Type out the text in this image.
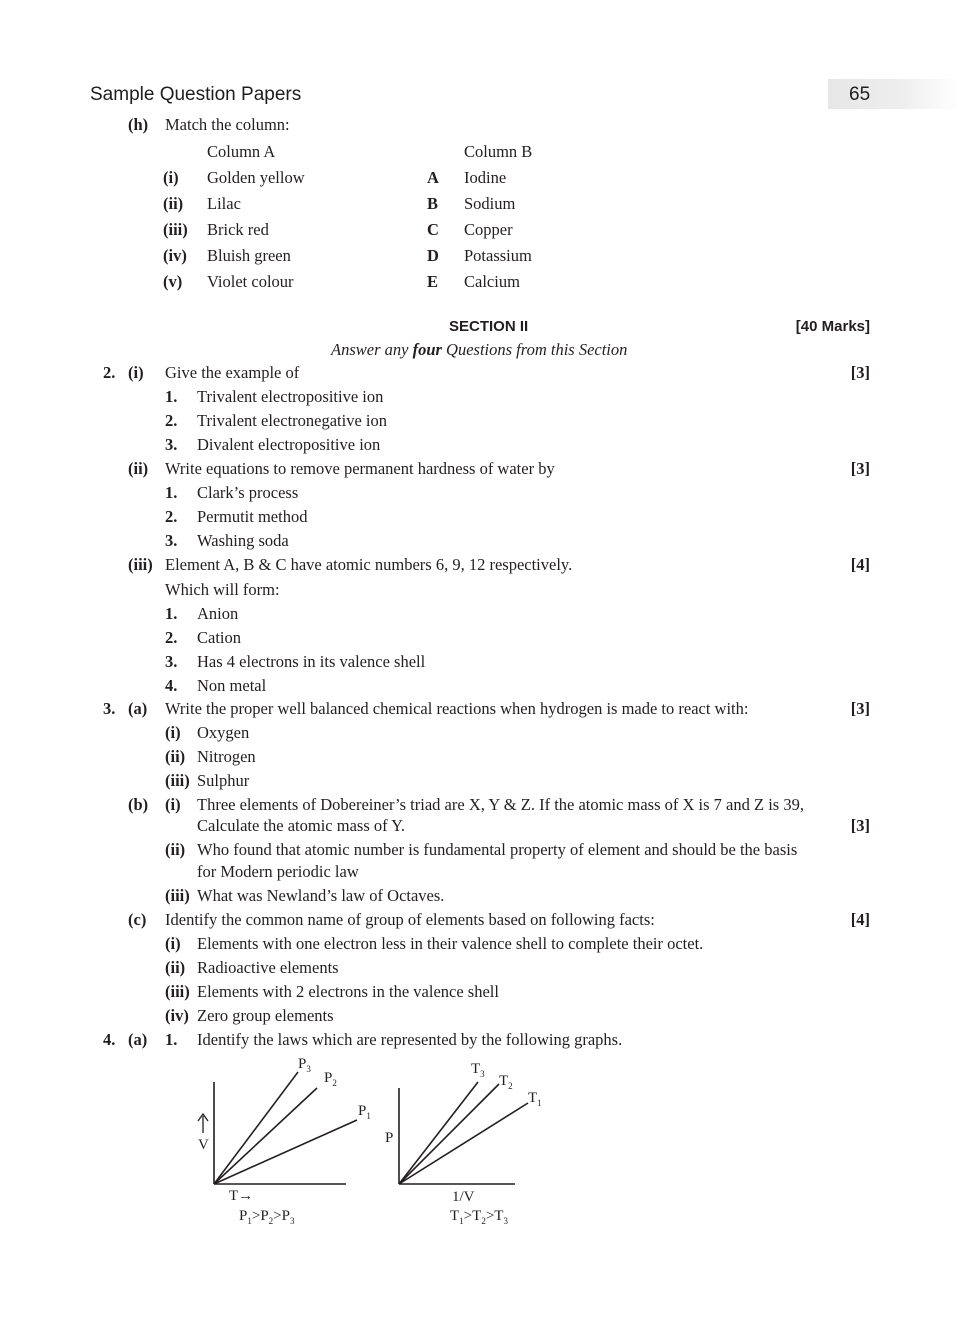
Sample Question Papers	65
(h) Match the column:
Column A	Column B
(i) Golden yellow	A Iodine
(ii) Lilac	B Sodium
(iii) Brick red	C Copper
(iv) Bluish green	D Potassium
(v) Violet colour	E Calcium
SECTION II	[40 Marks]
Answer any four Questions from this Section
2. (i) Give the example of	[3]
1. Trivalent electropositive ion
2. Trivalent electronegative ion
3. Divalent electropositive ion
(ii) Write equations to remove permanent hardness of water by	[3]
1. Clark’s process
2. Permutit method
3. Washing soda
(iii) Element A, B & C have atomic numbers 6, 9, 12 respectively.	[4]
Which will form:
1. Anion
2. Cation
3. Has 4 electrons in its valence shell
4. Non metal
3. (a) Write the proper well balanced chemical reactions when hydrogen is made to react with:	[3]
(i) Oxygen
(ii) Nitrogen
(iii) Sulphur
(b) (i) Three elements of Dobereiner’s triad are X, Y & Z. If the atomic mass of X is 7 and Z is 39,
Calculate the atomic mass of Y.	[3]
(ii) Who found that atomic number is fundamental property of element and should be the basis
for Modern periodic law
(iii) What was Newland’s law of Octaves.
(c) Identify the common name of group of elements based on following facts:	[4]
(i) Elements with one electron less in their valence shell to complete their octet.
(ii) Radioactive elements
(iii) Elements with 2 electrons in the valence shell
(iv) Zero group elements
4. (a) 1. Identify the laws which are represented by the following graphs.
V
T→
$P_3$
$P_2$
$P_1$
$P_1>P_2>P_3$
P
1/V
$T_3$ $T_2$
$T_1$
$T_1>T_2>T_3$
